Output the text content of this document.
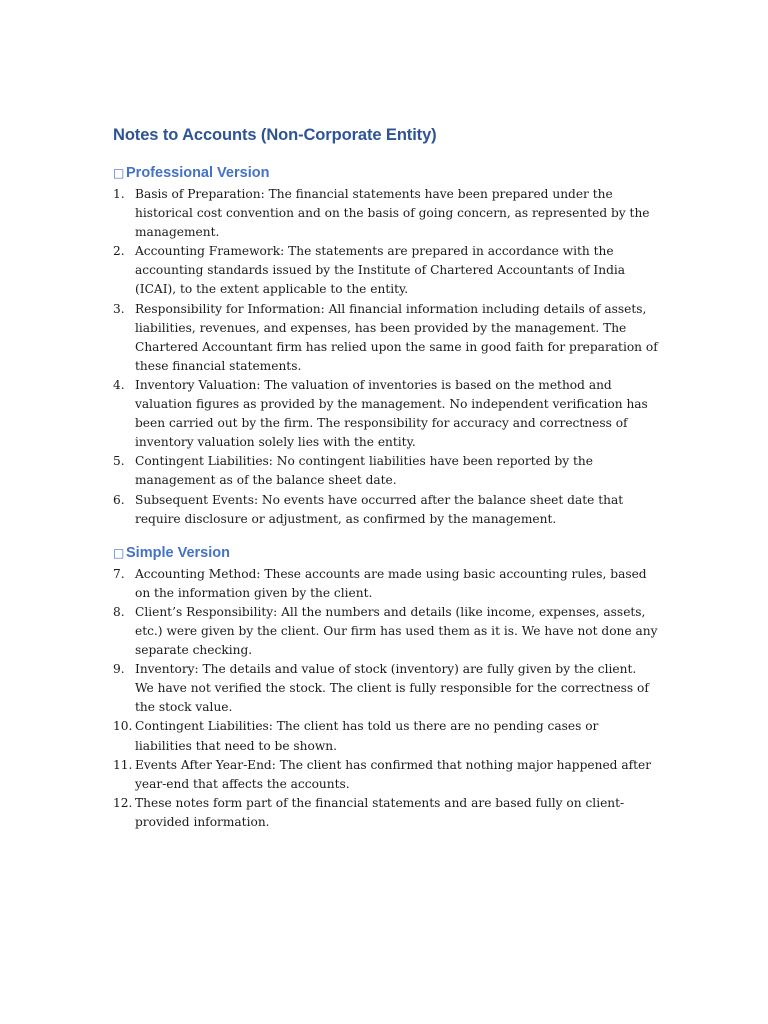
Notes to Accounts (Non-Corporate Entity)
□ Professional Version
1. Basis of Preparation: The financial statements have been prepared under the historical cost convention and on the basis of going concern, as represented by the management.
2. Accounting Framework: The statements are prepared in accordance with the accounting standards issued by the Institute of Chartered Accountants of India (ICAI), to the extent applicable to the entity.
3. Responsibility for Information: All financial information including details of assets, liabilities, revenues, and expenses, has been provided by the management. The Chartered Accountant firm has relied upon the same in good faith for preparation of these financial statements.
4. Inventory Valuation: The valuation of inventories is based on the method and valuation figures as provided by the management. No independent verification has been carried out by the firm. The responsibility for accuracy and correctness of inventory valuation solely lies with the entity.
5. Contingent Liabilities: No contingent liabilities have been reported by the management as of the balance sheet date.
6. Subsequent Events: No events have occurred after the balance sheet date that require disclosure or adjustment, as confirmed by the management.
□ Simple Version
7. Accounting Method: These accounts are made using basic accounting rules, based on the information given by the client.
8. Client’s Responsibility: All the numbers and details (like income, expenses, assets, etc.) were given by the client. Our firm has used them as it is. We have not done any separate checking.
9. Inventory: The details and value of stock (inventory) are fully given by the client. We have not verified the stock. The client is fully responsible for the correctness of the stock value.
10. Contingent Liabilities: The client has told us there are no pending cases or liabilities that need to be shown.
11. Events After Year-End: The client has confirmed that nothing major happened after year-end that affects the accounts.
12. These notes form part of the financial statements and are based fully on client-provided information.
